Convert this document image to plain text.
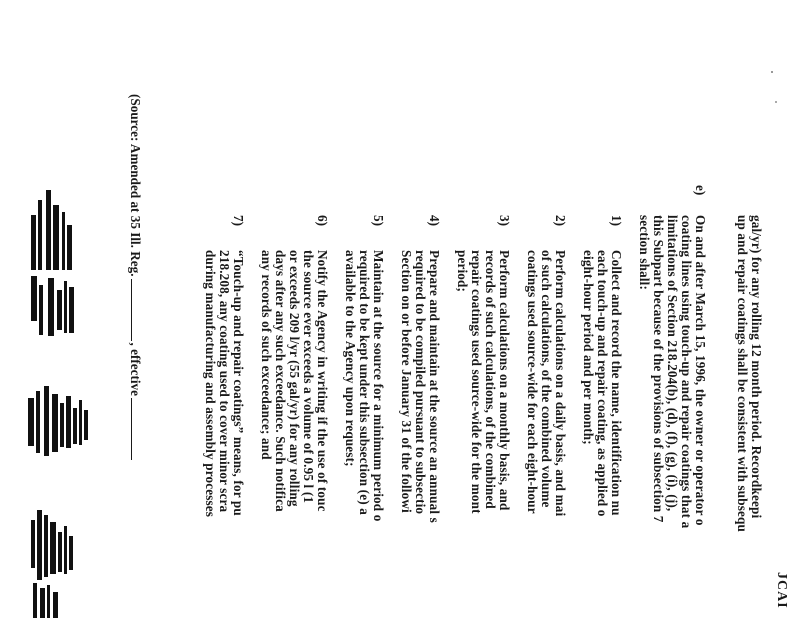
JCAI
gal/yr) for any rolling 12 month period. Recordkeepi
up and repair coatings shall be consistent with subsequ
e)
On and after March 15, 1996, the owner or operator o
coating lines using touch-up and repair coatings that a
limitations of Section 218.204(b), (d), (f), (g), (i), (j),
this Subpart because of the provisions of subsection 7
section shall:
1)
Collect and record the name, identification nu
each touch-up and repair coating, as applied o
eight-hour period and per month;
2)
Perform calculations on a daily basis, and mai
of such calculations, of the combined volume
coatings used source-wide for each eight-hour
3)
Perform calculations on a monthly basis, and
records of such calculations, of the combined
repair coatings used source-wide for the mont
period;
4)
Prepare and maintain at the source an annual s
required to be compiled pursuant to subsectio
Section on or before January 31 of the followi
5)
Maintain at the source for a minimum period o
required to be kept under this subsection (e) a
available to the Agency upon request;
6)
Notify the Agency in writing if the use of touc
the source ever exceeds a volume of 0.95 l (1
or exceeds 209 l/yr (55 gal/yr) for any rolling
days after any such exceedance. Such notifica
any records of such exceedance; and
7)
“Touch-up and repair coatings” means, for pu
218.208, any coating used to cover minor scra
during manufacturing and assembly processes
(Source: Amended at 35 Ill. Reg., effective
